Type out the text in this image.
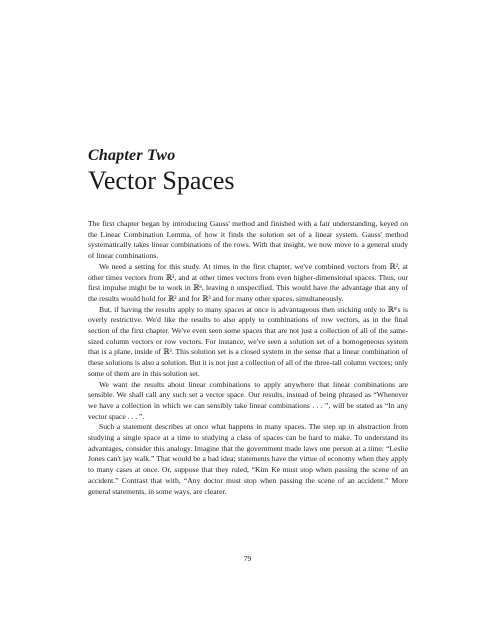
Chapter Two
Vector Spaces

The first chapter began by introducing Gauss' method and finished with a fair understanding, keyed on the Linear Combination Lemma, of how it finds the solution set of a linear system. Gauss' method systematically takes linear combinations of the rows. With that insight, we now move to a general study of linear combinations.

We need a setting for this study. At times in the first chapter, we've combined vectors from ℝ², at other times vectors from ℝ³, and at other times vectors from even higher-dimensional spaces. Thus, our first impulse might be to work in ℝⁿ, leaving n unspecified. This would have the advantage that any of the results would hold for ℝ² and for ℝ³ and for many other spaces, simultaneously.

But, if having the results apply to many spaces at once is advantageous then sticking only to ℝⁿ's is overly restrictive. We'd like the results to also apply to combinations of row vectors, as in the final section of the first chapter. We've even seen some spaces that are not just a collection of all of the same-sized column vectors or row vectors. For instance, we've seen a solution set of a homogeneous system that is a plane, inside of ℝ³. This solution set is a closed system in the sense that a linear combination of these solutions is also a solution. But it is not just a collection of all of the three-tall column vectors; only some of them are in this solution set.

We want the results about linear combinations to apply anywhere that linear combinations are sensible. We shall call any such set a vector space. Our results, instead of being phrased as “Whenever we have a collection in which we can sensibly take linear combinations . . . ”, will be stated as “In any vector space . . . ”.

Such a statement describes at once what happens in many spaces. The step up in abstraction from studying a single space at a time to studying a class of spaces can be hard to make. To understand its advantages, consider this analogy. Imagine that the government made laws one person at a time: “Leslie Jones can't jay walk.” That would be a bad idea; statements have the virtue of economy when they apply to many cases at once. Or, suppose that they ruled, “Kim Ke must stop when passing the scene of an accident.” Contrast that with, “Any doctor must stop when passing the scene of an accident.” More general statements, in some ways, are clearer.

79
